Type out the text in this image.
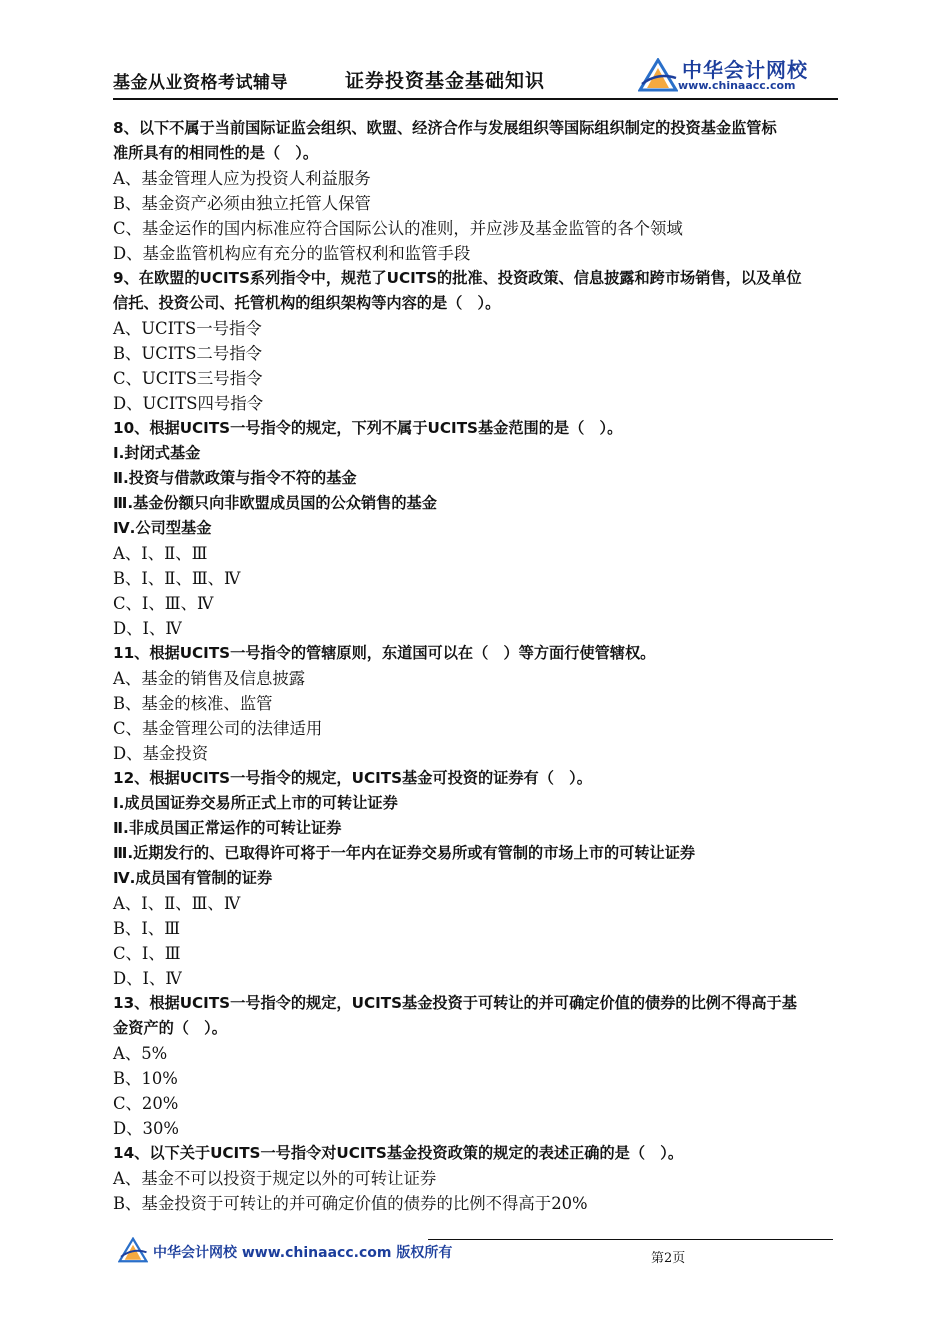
基金从业资格考试辅导	证券投资基金基础知识	中华会计网校
www.chinaacc.com
8、以下不属于当前国际证监会组织、欧盟、经济合作与发展组织等国际组织制定的投资基金监管标
准所具有的相同性的是（　）。
A、基金管理人应为投资人利益服务
B、基金资产必须由独立托管人保管
C、基金运作的国内标准应符合国际公认的准则，并应涉及基金监管的各个领域
D、基金监管机构应有充分的监管权利和监管手段
9、在欧盟的UCITS系列指令中，规范了UCITS的批准、投资政策、信息披露和跨市场销售，以及单位
信托、投资公司、托管机构的组织架构等内容的是（　）。
A、UCITS一号指令
B、UCITS二号指令
C、UCITS三号指令
D、UCITS四号指令
10、根据UCITS一号指令的规定，下列不属于UCITS基金范围的是（　）。
Ⅰ.封闭式基金
Ⅱ.投资与借款政策与指令不符的基金
Ⅲ.基金份额只向非欧盟成员国的公众销售的基金
Ⅳ.公司型基金
A、Ⅰ、Ⅱ、Ⅲ
B、Ⅰ、Ⅱ、Ⅲ、Ⅳ
C、Ⅰ、Ⅲ、Ⅳ
D、Ⅰ、Ⅳ
11、根据UCITS一号指令的管辖原则，东道国可以在（　）等方面行使管辖权。
A、基金的销售及信息披露
B、基金的核准、监管
C、基金管理公司的法律适用
D、基金投资
12、根据UCITS一号指令的规定，UCITS基金可投资的证券有（　）。
Ⅰ.成员国证券交易所正式上市的可转让证券
Ⅱ.非成员国正常运作的可转让证券
Ⅲ.近期发行的、已取得许可将于一年内在证券交易所或有管制的市场上市的可转让证券
Ⅳ.成员国有管制的证券
A、Ⅰ、Ⅱ、Ⅲ、Ⅳ
B、Ⅰ、Ⅲ
C、Ⅰ、Ⅲ
D、Ⅰ、Ⅳ
13、根据UCITS一号指令的规定，UCITS基金投资于可转让的并可确定价值的债券的比例不得高于基
金资产的（　）。
A、5%
B、10%
C、20%
D、30%
14、以下关于UCITS一号指令对UCITS基金投资政策的规定的表述正确的是（　）。
A、基金不可以投资于规定以外的可转让证券
B、基金投资于可转让的并可确定价值的债券的比例不得高于20%
中华会计网校 www.chinaacc.com 版权所有	第2页
